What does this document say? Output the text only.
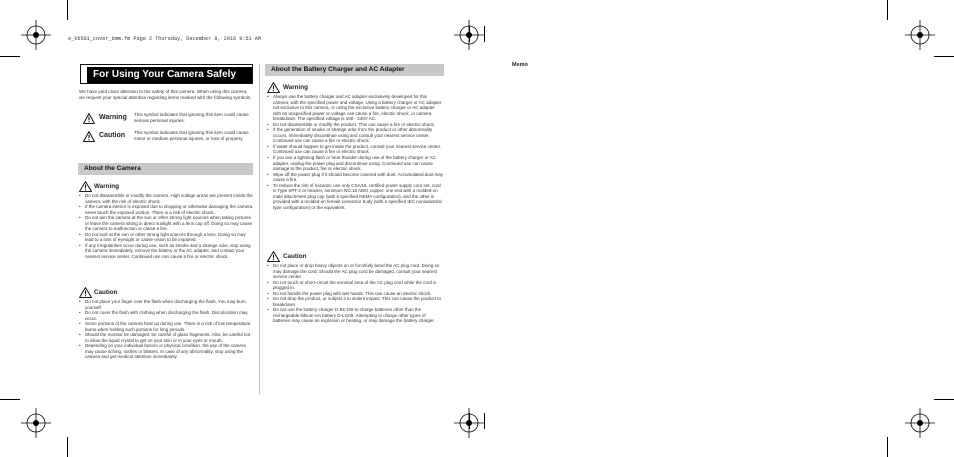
e_kb581_cover_6mm.fm Page 2 Thursday, December 8, 2016 9:51 AM
Memo
For Using Your Camera Safely
We have paid close attention to the safety of this camera. When using this camera, we request your special attention regarding items marked with the following symbols.
Warning This symbol indicates that ignoring this item could cause serious personal injuries.
Caution This symbol indicates that ignoring this item could cause minor or medium personal injuries, or loss of property.
About the Camera
Warning
• Do not disassemble or modify the camera. High voltage areas are present inside the camera, with the risk of electric shock.
• If the camera interior is exposed due to dropping or otherwise damaging the camera, never touch the exposed portion. There is a risk of electric shock.
• Do not aim the camera at the sun or other strong light sources when taking pictures or leave the camera sitting in direct sunlight with a lens cap off. Doing so may cause the camera to malfunction or cause a fire.
• Do not look at the sun or other strong light sources through a lens. Doing so may lead to a loss of eyesight or cause vision to be impaired.
• If any irregularities occur during use, such as smoke and a strange odor, stop using the camera immediately, remove the battery or the AC adapter, and contact your nearest service center. Continued use can cause a fire or electric shock.
Caution
• Do not place your finger over the flash when discharging the flash. You may burn yourself.
• Do not cover the flash with clothing when discharging the flash. Discoloration may occur.
• Some portions of the camera heat up during use. There is a risk of low temperature burns when holding such portions for long periods.
• Should the monitor be damaged, be careful of glass fragments. Also, be careful not to allow the liquid crystal to get on your skin or in your eyes or mouth.
• Depending on your individual factors or physical condition, the use of the camera may cause itching, rashes or blisters. In case of any abnormality, stop using the camera and get medical attention immediately.
About the Battery Charger and AC Adapter
Warning
• Always use the battery charger and AC adapter exclusively developed for this camera, with the specified power and voltage. Using a battery charger or AC adapter not exclusive to this camera, or using the exclusive battery charger or AC adapter with an unspecified power or voltage can cause a fire, electric shock, or camera breakdown. The specified voltage is 100 - 240V AC.
• Do not disassemble or modify the product. This can cause a fire or electric shock.
• If the generation of smoke or strange odor from the product or other abnormality occurs, immediately discontinue using and consult your nearest service center. Continued use can cause a fire or electric shock.
• If water should happen to get inside the product, consult your nearest service center. Continued use can cause a fire or electric shock.
• If you see a lightning flash or hear thunder during use of the battery charger or AC adapter, unplug the power plug and discontinue using. Continued use can cause damage to the product, fire or electric shock.
• Wipe off the power plug if it should become covered with dust. Accumulated dust may cause a fire.
• To reduce the risk of hazards, use only CSA/UL certified power supply cord set, cord is Type SPT-2 or heavier, minimum NO.18 AWG copper, one end with a molded-on male attachment plug cap (with a specified NEMA configuration), and the other is provided with a molded-on female connector body (with a specified IEC nonindustrial type configuration) or the equivalent.
Caution
• Do not place or drop heavy objects on or forcefully bend the AC plug cord. Doing so may damage the cord. Should the AC plug cord be damaged, consult your nearest service center.
• Do not touch or short-circuit the terminal area of the AC plug cord while the cord is plugged in.
• Do not handle the power plug with wet hands. This can cause an electric shock.
• Do not drop the product, or subject it to violent impact. This can cause the product to breakdown.
• Do not use the battery charger D-BC109 to charge batteries other than the rechargeable lithium-ion battery D-LI109. Attempting to charge other types of batteries may cause an explosion or heating, or may damage the battery charger.
